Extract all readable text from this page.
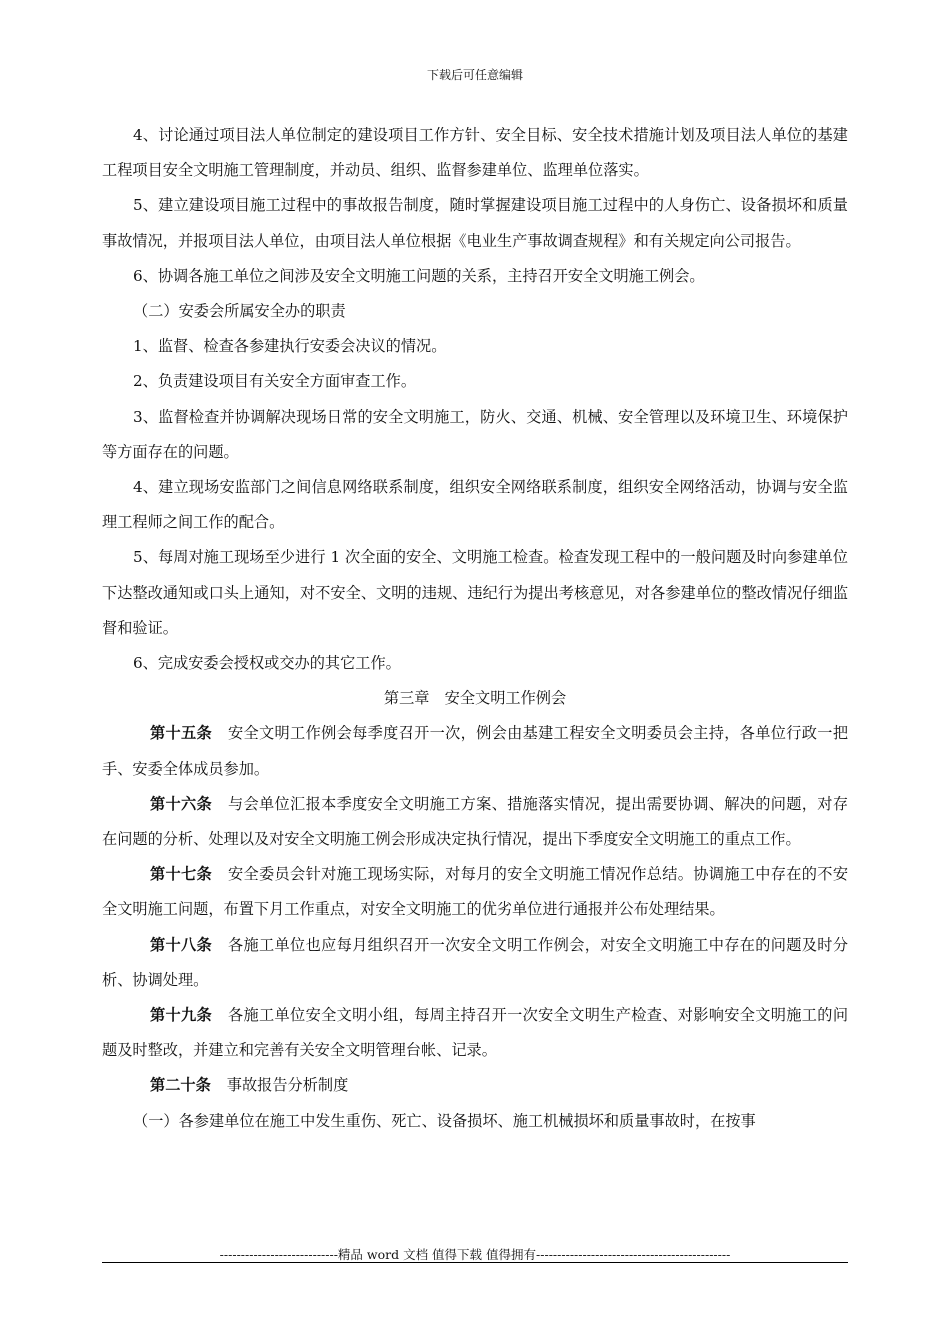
下载后可任意编辑

4、讨论通过项目法人单位制定的建设项目工作方针、安全目标、安全技术措施计划及项目法人单位的基建工程项目安全文明施工管理制度，并动员、组织、监督参建单位、监理单位落实。

5、建立建设项目施工过程中的事故报告制度，随时掌握建设项目施工过程中的人身伤亡、设备损坏和质量事故情况，并报项目法人单位，由项目法人单位根据《电业生产事故调查规程》和有关规定向公司报告。

6、协调各施工单位之间涉及安全文明施工问题的关系，主持召开安全文明施工例会。

（二）安委会所属安全办的职责

1、监督、检查各参建执行安委会决议的情况。

2、负责建设项目有关安全方面审查工作。

3、监督检查并协调解决现场日常的安全文明施工，防火、交通、机械、安全管理以及环境卫生、环境保护等方面存在的问题。

4、建立现场安监部门之间信息网络联系制度，组织安全网络联系制度，组织安全网络活动，协调与安全监理工程师之间工作的配合。

5、每周对施工现场至少进行 1 次全面的安全、文明施工检查。检查发现工程中的一般问题及时向参建单位下达整改通知或口头上通知，对不安全、文明的违规、违纪行为提出考核意见，对各参建单位的整改情况仔细监督和验证。

6、完成安委会授权或交办的其它工作。

第三章　安全文明工作例会

第十五条 安全文明工作例会每季度召开一次，例会由基建工程安全文明委员会主持，各单位行政一把手、安委全体成员参加。

第十六条 与会单位汇报本季度安全文明施工方案、措施落实情况，提出需要协调、解决的问题，对存在问题的分析、处理以及对安全文明施工例会形成决定执行情况，提出下季度安全文明施工的重点工作。

第十七条 安全委员会针对施工现场实际，对每月的安全文明施工情况作总结。协调施工中存在的不安全文明施工问题，布置下月工作重点，对安全文明施工的优劣单位进行通报并公布处理结果。

第十八条 各施工单位也应每月组织召开一次安全文明工作例会，对安全文明施工中存在的问题及时分析、协调处理。

第十九条 各施工单位安全文明小组，每周主持召开一次安全文明生产检查、对影响安全文明施工的问题及时整改，并建立和完善有关安全文明管理台帐、记录。

第二十条 事故报告分析制度

（一）各参建单位在施工中发生重伤、死亡、设备损坏、施工机械损坏和质量事故时，在按事

----------------------------精品 word 文档 值得下载 值得拥有----------------------------------------------
